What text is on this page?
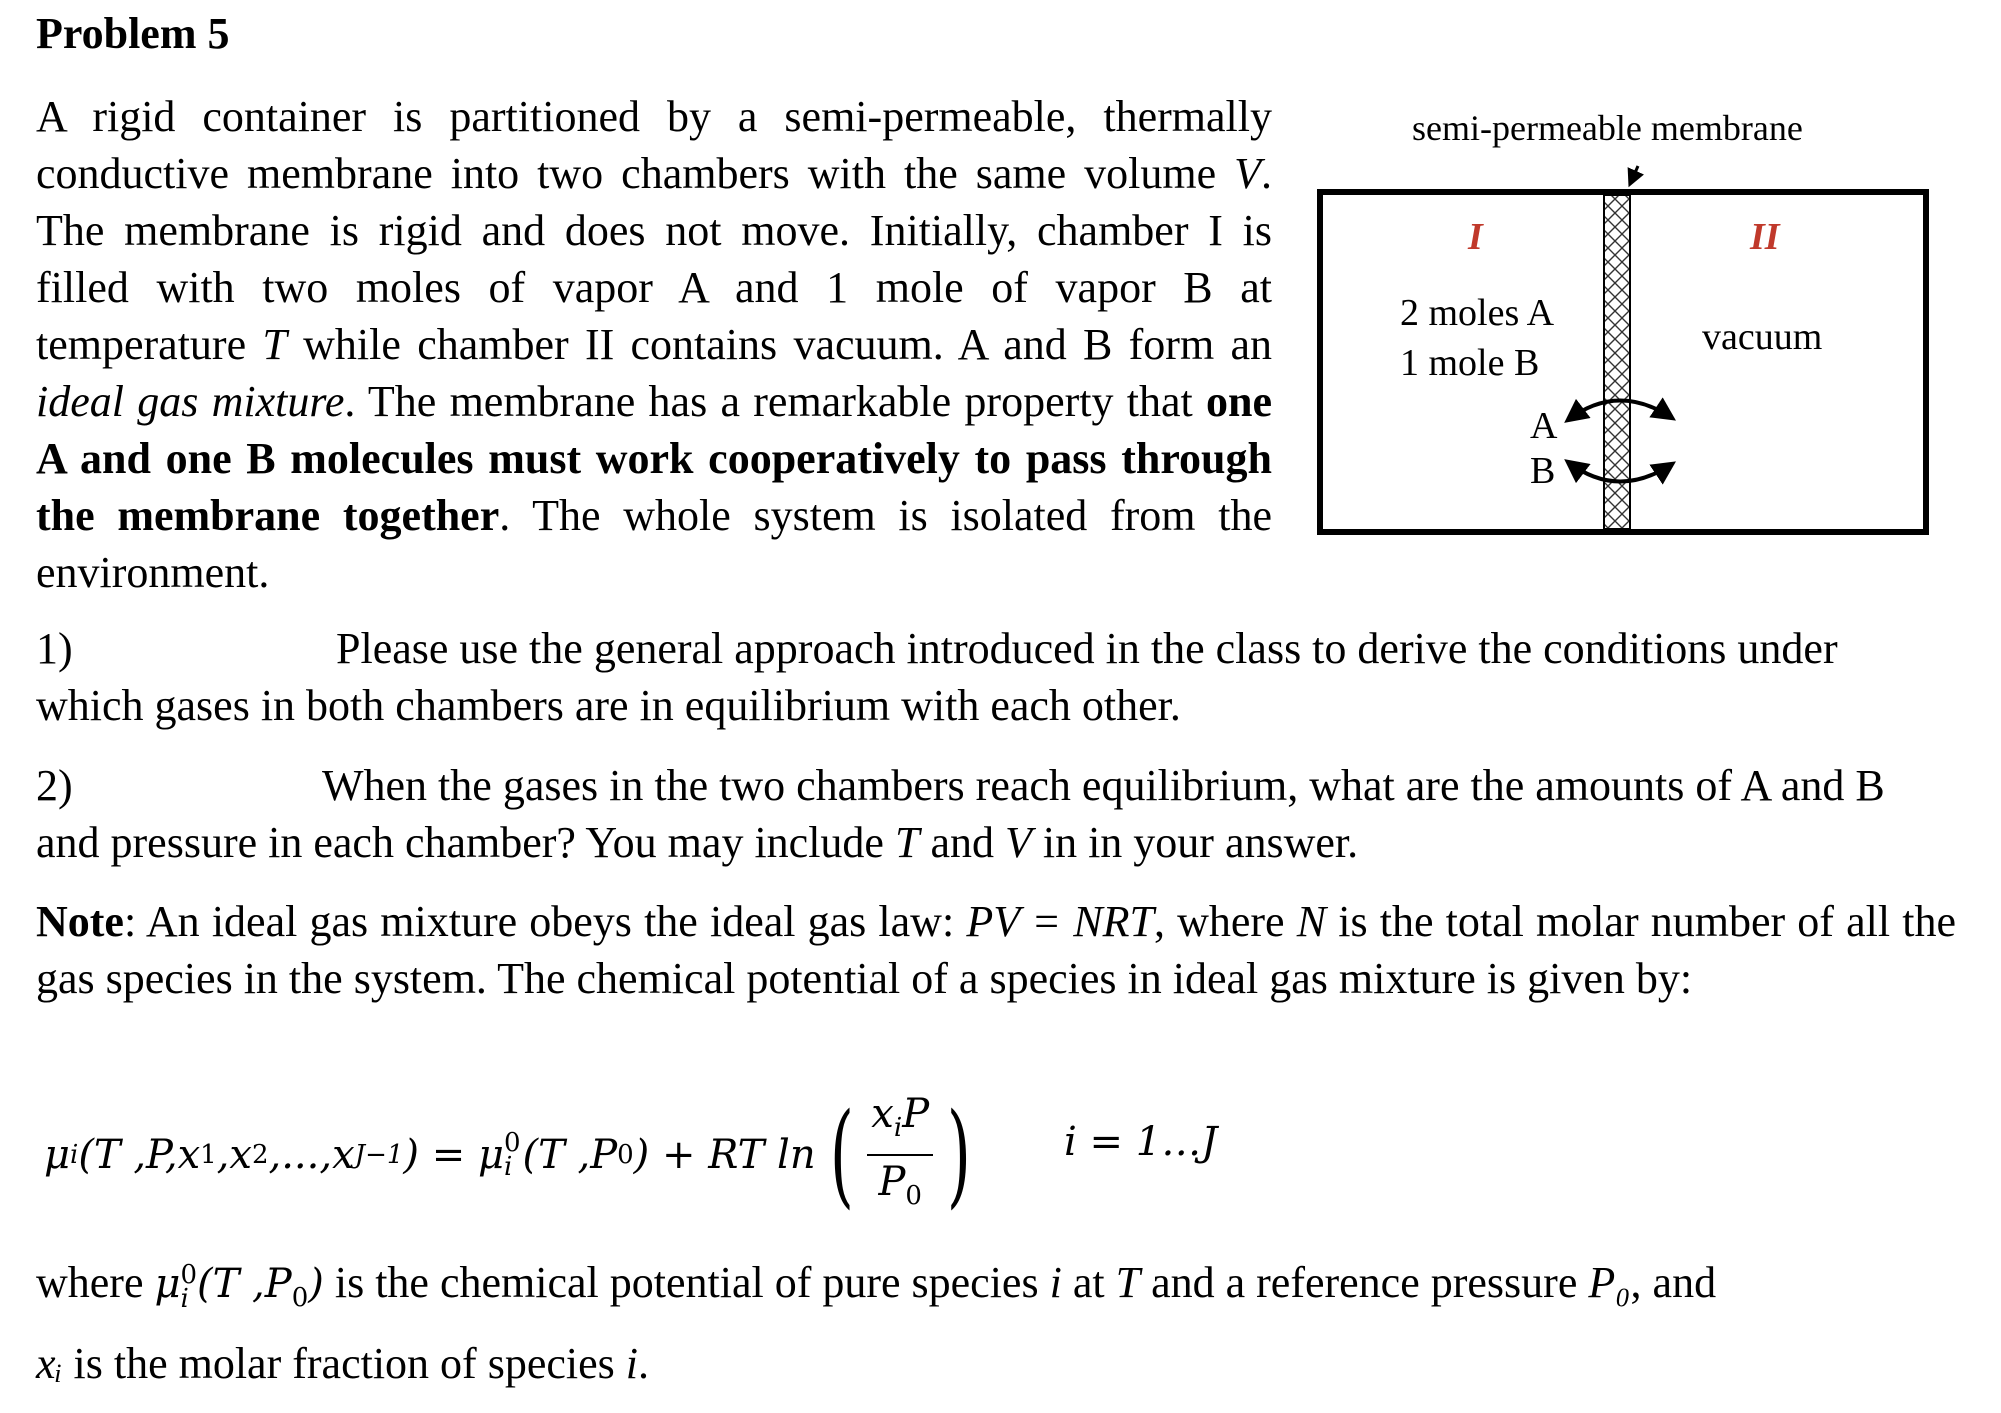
Problem 5
A rigid container is partitioned by a semi-permeable, thermally conductive membrane into two chambers with the same volume V. The membrane is rigid and does not move. Initially, chamber I is filled with two moles of vapor A and 1 mole of vapor B at temperature T while chamber II contains vacuum. A and B form an ideal gas mixture. The membrane has a remarkable property that one A and one B molecules must work cooperatively to pass through the membrane together. The whole system is isolated from the environment.
semi-permeable membrane
I	II
2 moles A
1 mole B
vacuum
A
B
1)	Please use the general approach introduced in the class to derive the conditions under which gases in both chambers are in equilibrium with each other.
2)	When the gases in the two chambers reach equilibrium, what are the amounts of A and B and pressure in each chamber? You may include T and V in in your answer.
Note: An ideal gas mixture obeys the ideal gas law: PV = NRT, where N is the total molar number of all the gas species in the system. The chemical potential of a species in ideal gas mixture is given by:
μ i (T ,P,x 1 ,x 2 ,...,x J−1 ) = μ 0
i (T ,P 0 ) + RT ln ( $x_iP$
$P_0$ ) i = 1…J
where μ 0
i (T $,P_0$) is the chemical potential of pure species i at T and a reference pressure P₀, and
xᵢ is the molar fraction of species i.
